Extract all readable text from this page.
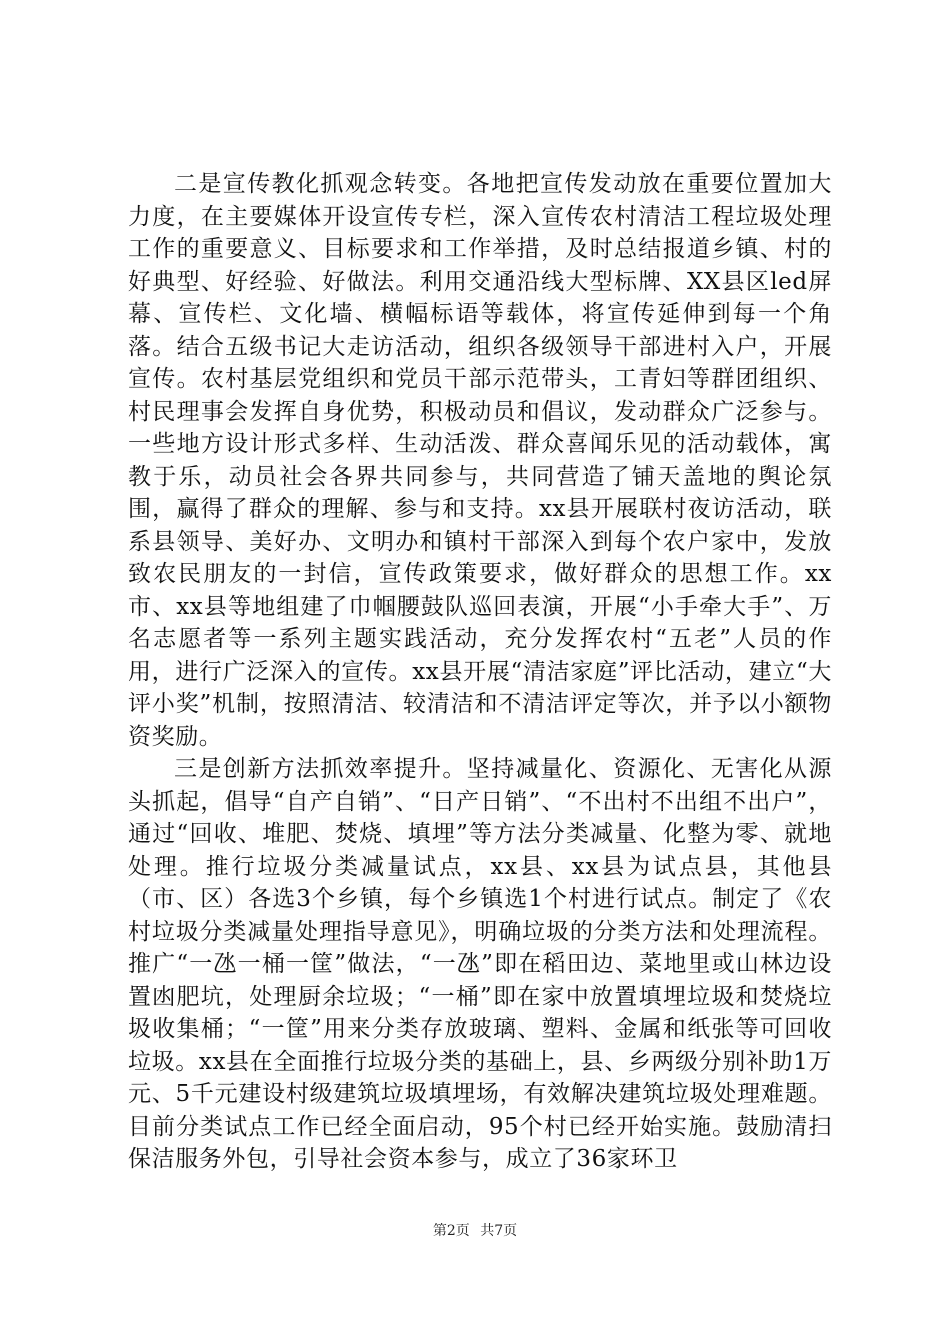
二是宣传教化抓观念转变。各地把宣传发动放在重要位置加大力度，在主要媒体开设宣传专栏，深入宣传农村清洁工程垃圾处理工作的重要意义、目标要求和工作举措，及时总结报道乡镇、村的好典型、好经验、好做法。利用交通沿线大型标牌、XX县区led屏幕、宣传栏、文化墙、横幅标语等载体，将宣传延伸到每一个角落。结合五级书记大走访活动，组织各级领导干部进村入户，开展宣传。农村基层党组织和党员干部示范带头，工青妇等群团组织、村民理事会发挥自身优势，积极动员和倡议，发动群众广泛参与。一些地方设计形式多样、生动活泼、群众喜闻乐见的活动载体，寓教于乐，动员社会各界共同参与，共同营造了铺天盖地的舆论氛围，赢得了群众的理解、参与和支持。xx县开展联村夜访活动，联系县领导、美好办、文明办和镇村干部深入到每个农户家中，发放致农民朋友的一封信，宣传政策要求，做好群众的思想工作。xx市、xx县等地组建了巾帼腰鼓队巡回表演，开展“小手牵大手”、万名志愿者等一系列主题实践活动，充分发挥农村“五老”人员的作用，进行广泛深入的宣传。xx县开展“清洁家庭”评比活动，建立“大评小奖”机制，按照清洁、较清洁和不清洁评定等次，并予以小额物资奖励。

三是创新方法抓效率提升。坚持减量化、资源化、无害化从源头抓起，倡导“自产自销”、“日产日销”、“不出村不出组不出户”，通过“回收、堆肥、焚烧、填埋”等方法分类减量、化整为零、就地处理。推行垃圾分类减量试点，xx县、xx县为试点县，其他县（市、区）各选3个乡镇，每个乡镇选1个村进行试点。制定了《农村垃圾分类减量处理指导意见》，明确垃圾的分类方法和处理流程。推广“一氹一桶一筐”做法，“一氹”即在稻田边、菜地里或山林边设置凼肥坑，处理厨余垃圾；“一桶”即在家中放置填埋垃圾和焚烧垃圾收集桶；“一筐”用来分类存放玻璃、塑料、金属和纸张等可回收垃圾。xx县在全面推行垃圾分类的基础上，县、乡两级分别补助1万元、5千元建设村级建筑垃圾填埋场，有效解决建筑垃圾处理难题。目前分类试点工作已经全面启动，95个村已经开始实施。鼓励清扫保洁服务外包，引导社会资本参与，成立了36家环卫

第2页 共7页
